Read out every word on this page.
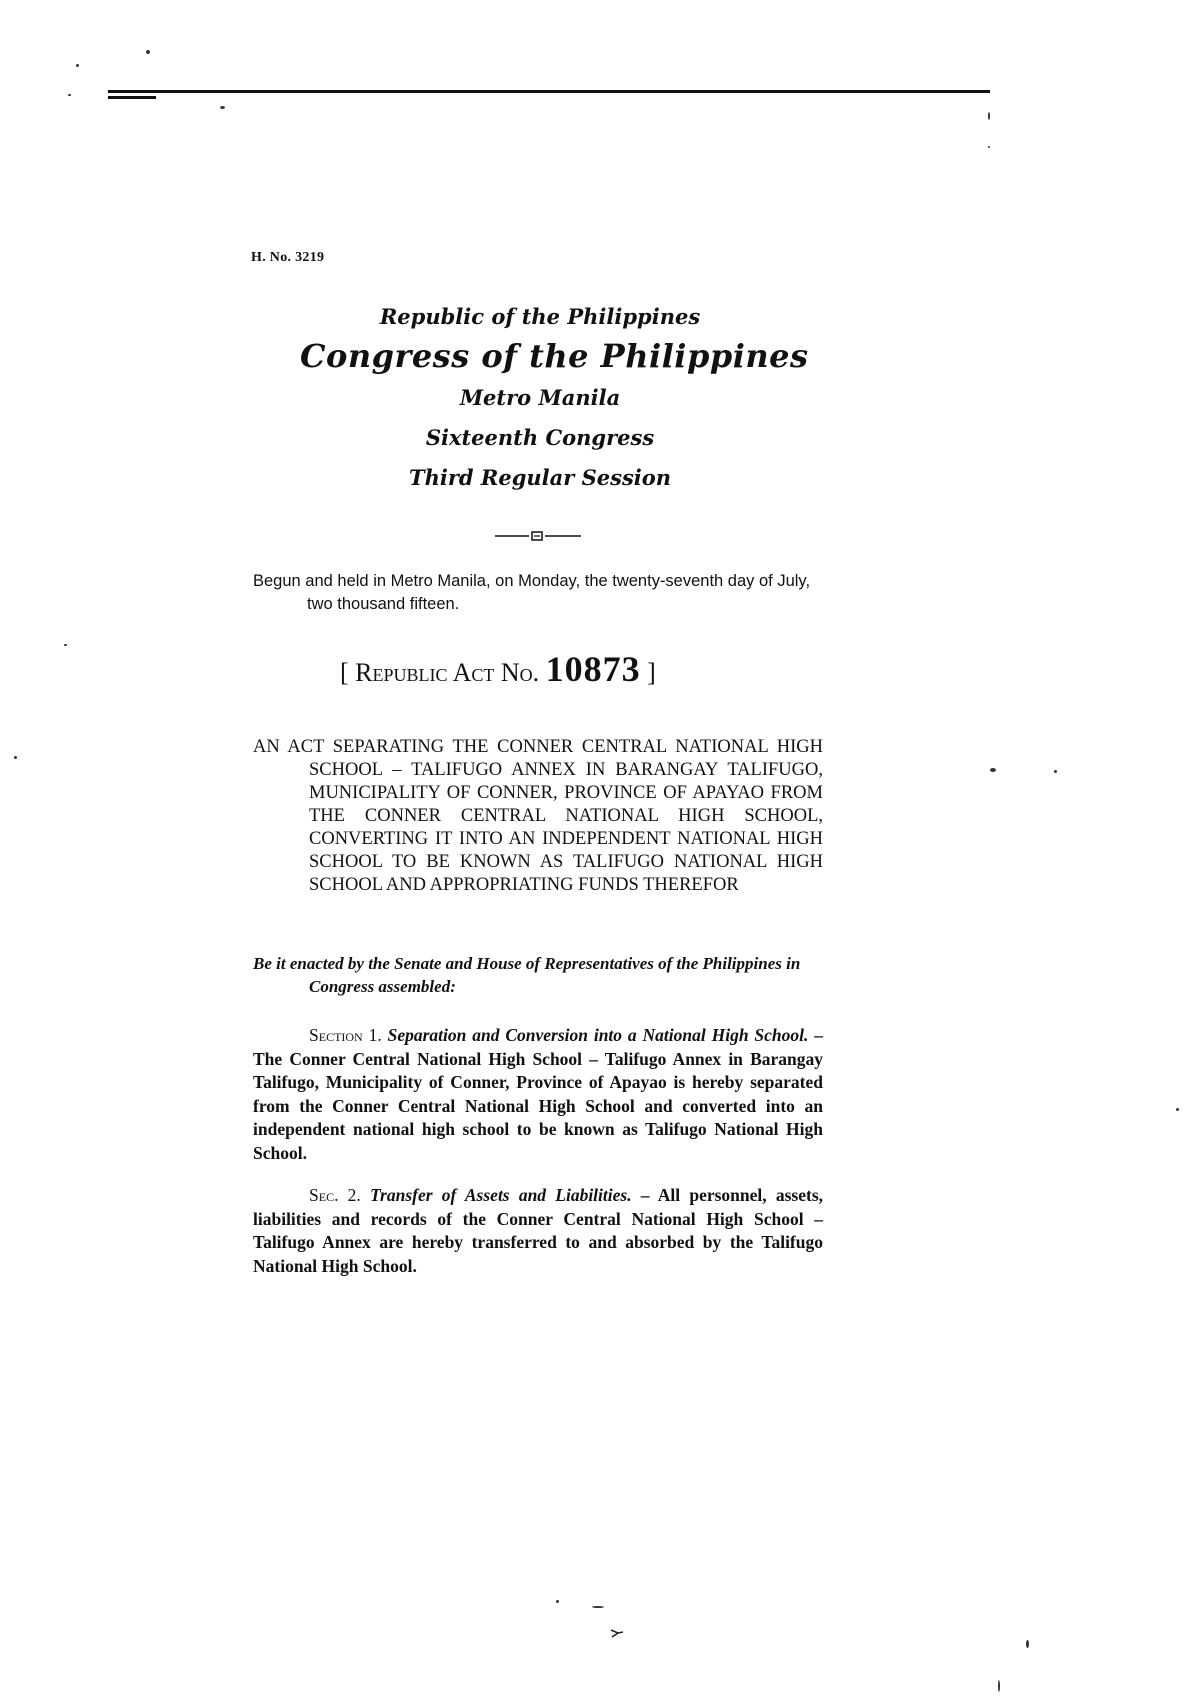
H. No. 3219
Republic of the Philippines
Congress of the Philippines
Metro Manila
Sixteenth Congress
Third Regular Session
Begun and held in Metro Manila, on Monday, the twenty-seventh day of July, two thousand fifteen.
[ Republic Act No. 10873 ]
AN ACT SEPARATING THE CONNER CENTRAL NATIONAL HIGH SCHOOL – TALIFUGO ANNEX IN BARANGAY TALIFUGO, MUNICIPALITY OF CONNER, PROVINCE OF APAYAO FROM THE CONNER CENTRAL NATIONAL HIGH SCHOOL, CONVERTING IT INTO AN INDEPENDENT NATIONAL HIGH SCHOOL TO BE KNOWN AS TALIFUGO NATIONAL HIGH SCHOOL AND APPROPRIATING FUNDS THEREFOR
Be it enacted by the Senate and House of Representatives of the Philippines in Congress assembled:
Section 1. Separation and Conversion into a National High School. – The Conner Central National High School – Talifugo Annex in Barangay Talifugo, Municipality of Conner, Province of Apayao is hereby separated from the Conner Central National High School and converted into an independent national high school to be known as Talifugo National High School.
Sec. 2. Transfer of Assets and Liabilities. – All personnel, assets, liabilities and records of the Conner Central National High School – Talifugo Annex are hereby transferred to and absorbed by the Talifugo National High School.
